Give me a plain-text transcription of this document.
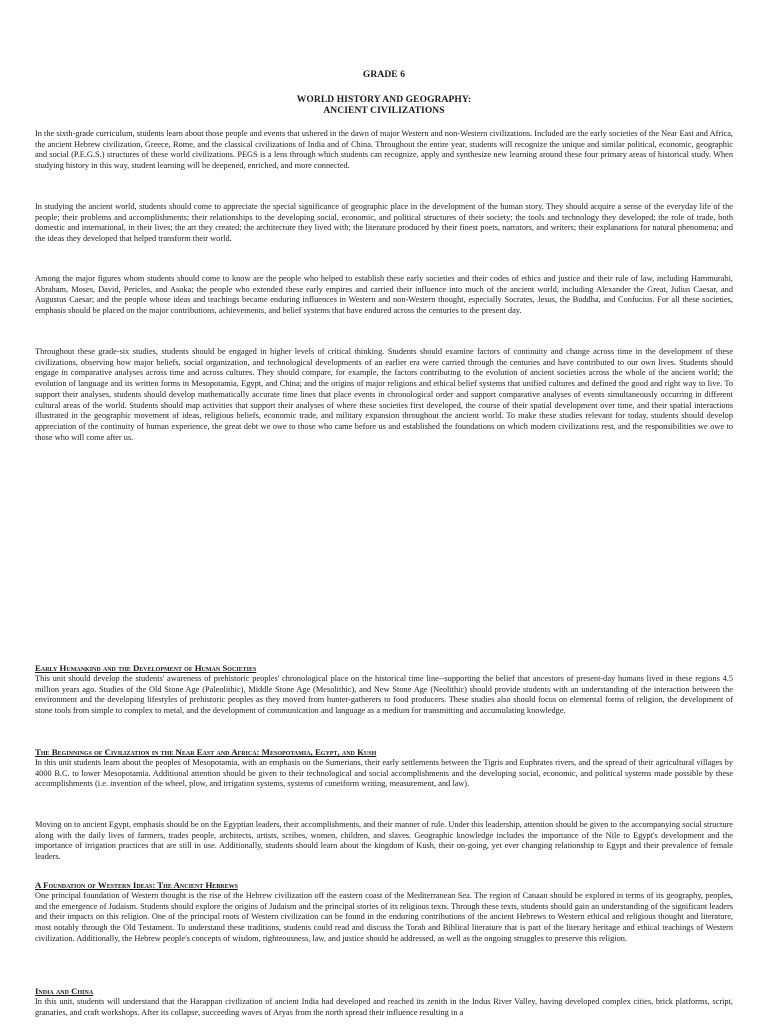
GRADE 6
WORLD HISTORY AND GEOGRAPHY:
ANCIENT CIVILIZATIONS

In the sixth-grade curriculum, students learn about those people and events that ushered in the dawn of major Western and non-Western civilizations. Included are the early societies of the Near East and Africa, the ancient Hebrew civilization, Greece, Rome, and the classical civilizations of India and of China. Throughout the entire year, students will recognize the unique and similar political, economic, geographic and social (P.E.G.S.) structures of these world civilizations. PEGS is a lens through which students can recognize, apply and synthesize new learning around these four primary areas of historical study. When studying history in this way, student learning will be deepened, enriched, and more connected.

In studying the ancient world, students should come to appreciate the special significance of geographic place in the development of the human story. They should acquire a sense of the everyday life of the people; their problems and accomplishments; their relationships to the developing social, economic, and political structures of their society; the tools and technology they developed; the role of trade, both domestic and international, in their lives; the art they created; the architecture they lived with; the literature produced by their finest poets, narrators, and writers; their explanations for natural phenomena; and the ideas they developed that helped transform their world.

Among the major figures whom students should come to know are the people who helped to establish these early societies and their codes of ethics and justice and their rule of law, including Hammurabi, Abraham, Moses, David, Pericles, and Asoka; the people who extended these early empires and carried their influence into much of the ancient world, including Alexander the Great, Julius Caesar, and Augustus Caesar; and the people whose ideas and teachings became enduring influences in Western and non-Western thought, especially Socrates, Jesus, the Buddha, and Confucius. For all these societies, emphasis should be placed on the major contributions, achievements, and belief systems that have endured across the centuries to the present day.

Throughout these grade-six studies, students should be engaged in higher levels of critical thinking. Students should examine factors of continuity and change across time in the development of these civilizations, observing how major beliefs, social organization, and technological developments of an earlier era were carried through the centuries and have contributed to our own lives. Students should engage in comparative analyses across time and across cultures. They should compare, for example, the factors contributing to the evolution of ancient societies across the whole of the ancient world; the evolution of language and its written forms in Mesopotamia, Egypt, and China; and the origins of major religions and ethical belief systems that unified cultures and defined the good and right way to live. To support their analyses, students should develop mathematically accurate time lines that place events in chronological order and support comparative analyses of events simultaneously occurring in different cultural areas of the world. Students should map activities that support their analyses of where these societies first developed, the course of their spatial development over time, and their spatial interactions illustrated in the geographic movement of ideas, religious beliefs, economic trade, and military expansion throughout the ancient world. To make these studies relevant for today, students should develop appreciation of the continuity of human experience, the great debt we owe to those who came before us and established the foundations on which modern civilizations rest, and the responsibilities we owe to those who will come after us.

Early Humankind and the Development of Human Societies

This unit should develop the students' awareness of prehistoric peoples' chronological place on the historical time line--supporting the belief that ancestors of present-day humans lived in these regions 4.5 million years ago. Studies of the Old Stone Age (Paleolithic), Middle Stone Age (Mesolithic), and New Stone Age (Neolithic) should provide students with an understanding of the interaction between the environment and the developing lifestyles of prehistoric peoples as they moved from hunter-gatherers to food producers. These studies also should focus on elemental forms of religion, the development of stone tools from simple to complex to metal, and the development of communication and language as a medium for transmitting and accumulating knowledge.

The Beginnings of Civilization in the Near East and Africa: Mesopotamia, Egypt, and Kush

In this unit students learn about the peoples of Mesopotamia, with an emphasis on the Sumerians, their early settlements between the Tigris and Euphrates rivers, and the spread of their agricultural villages by 4000 B.C. to lower Mesopotamia. Additional attention should be given to their technological and social accomplishments and the developing social, economic, and political systems made possible by these accomplishments (i.e. invention of the wheel, plow, and irrigation systems, systems of cuneiform writing, measurement, and law).

Moving on to ancient Egypt, emphasis should be on the Egyptian leaders, their accomplishments, and their manner of rule. Under this leadership, attention should be given to the accompanying social structure along with the daily lives of farmers, trades people, architects, artists, scribes, women, children, and slaves. Geographic knowledge includes the importance of the Nile to Egypt's development and the importance of irrigation practices that are still in use. Additionally, students should learn about the kingdom of Kush, their on-going, yet ever changing relationship to Egypt and their prevalence of female leaders.

A Foundation of Western Ideas: The Ancient Hebrews

One principal foundation of Western thought is the rise of the Hebrew civilization off the eastern coast of the Mediterranean Sea. The region of Canaan should be explored in terms of its geography, peoples, and the emergence of Judaism. Students should explore the origins of Judaism and the principal stories of its religious texts. Through these texts, students should gain an understanding of the significant leaders and their impacts on this religion. One of the principal roots of Western civilization can be found in the enduring contributions of the ancient Hebrews to Western ethical and religious thought and literature, most notably through the Old Testament. To understand these traditions, students could read and discuss the Torah and Biblical literature that is part of the literary heritage and ethical teachings of Western civilization. Additionally, the Hebrew people's concepts of wisdom, righteousness, law, and justice should be addressed, as well as the ongoing struggles to preserve this religion.

India and China

In this unit, students will understand that the Harappan civilization of ancient India had developed and reached its zenith in the Indus River Valley, having developed complex cities, brick platforms, script, granaries, and craft workshops. After its collapse, succeeding waves of Aryas from the north spread their influence resulting in a
